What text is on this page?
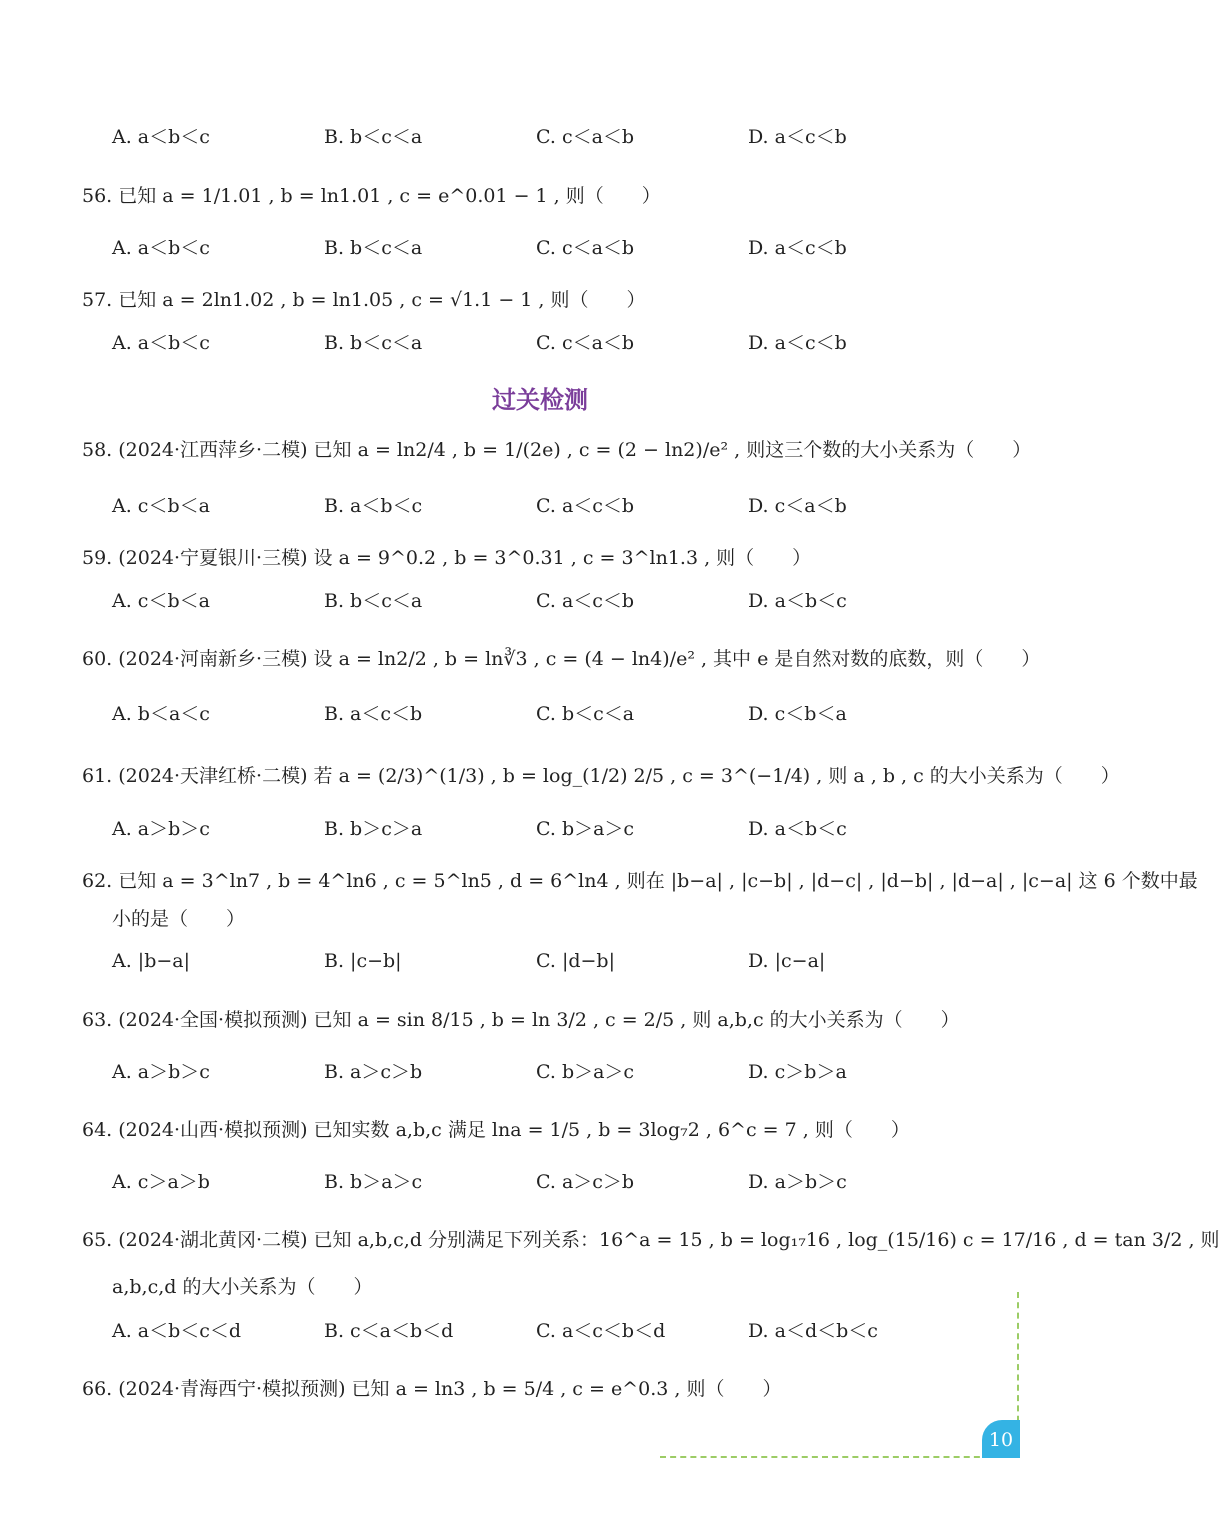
A. a＜b＜c	B. b＜c＜a	C. c＜a＜b	D. a＜c＜b
56. 已知 a = 1/1.01 , b = ln1.01 , c = e^0.01 − 1 , 则（　　）
A. a＜b＜c	B. b＜c＜a	C. c＜a＜b	D. a＜c＜b
57. 已知 a = 2ln1.02 , b = ln1.05 , c = √1.1 − 1 , 则（　　）
A. a＜b＜c	B. b＜c＜a	C. c＜a＜b	D. a＜c＜b
过关检测
58. (2024·江西萍乡·二模) 已知 a = ln2/4 , b = 1/(2e) , c = (2 − ln2)/e² , 则这三个数的大小关系为（　　）
A. c＜b＜a	B. a＜b＜c	C. a＜c＜b	D. c＜a＜b
59. (2024·宁夏银川·三模) 设 a = 9^0.2 , b = 3^0.31 , c = 3^ln1.3 , 则（　　）
A. c＜b＜a	B. b＜c＜a	C. a＜c＜b	D. a＜b＜c
60. (2024·河南新乡·三模) 设 a = ln2/2 , b = ln∛3 , c = (4 − ln4)/e² , 其中 e 是自然对数的底数，则（　　）
A. b＜a＜c	B. a＜c＜b	C. b＜c＜a	D. c＜b＜a
61. (2024·天津红桥·二模) 若 a = (2/3)^(1/3) , b = log_(1/2) 2/5 , c = 3^(−1/4) , 则 a , b , c 的大小关系为（　　）
A. a＞b＞c	B. b＞c＞a	C. b＞a＞c	D. a＜b＜c
62. 已知 a = 3^ln7 , b = 4^ln6 , c = 5^ln5 , d = 6^ln4 , 则在 |b−a| , |c−b| , |d−c| , |d−b| , |d−a| , |c−a| 这 6 个数中最
小的是（　　）
A. |b−a|	B. |c−b|	C. |d−b|	D. |c−a|
63. (2024·全国·模拟预测) 已知 a = sin 8/15 , b = ln 3/2 , c = 2/5 , 则 a,b,c 的大小关系为（　　）
A. a＞b＞c	B. a＞c＞b	C. b＞a＞c	D. c＞b＞a
64. (2024·山西·模拟预测) 已知实数 a,b,c 满足 lna = 1/5 , b = 3log₇2 , 6^c = 7 , 则（　　）
A. c＞a＞b	B. b＞a＞c	C. a＞c＞b	D. a＞b＞c
65. (2024·湖北黄冈·二模) 已知 a,b,c,d 分别满足下列关系：16^a = 15 , b = log₁₇16 , log_(15/16) c = 17/16 , d = tan 3/2 , 则
a,b,c,d 的大小关系为（　　）
A. a＜b＜c＜d	B. c＜a＜b＜d	C. a＜c＜b＜d	D. a＜d＜b＜c
66. (2024·青海西宁·模拟预测) 已知 a = ln3 , b = 5/4 , c = e^0.3 , 则（　　）
10
